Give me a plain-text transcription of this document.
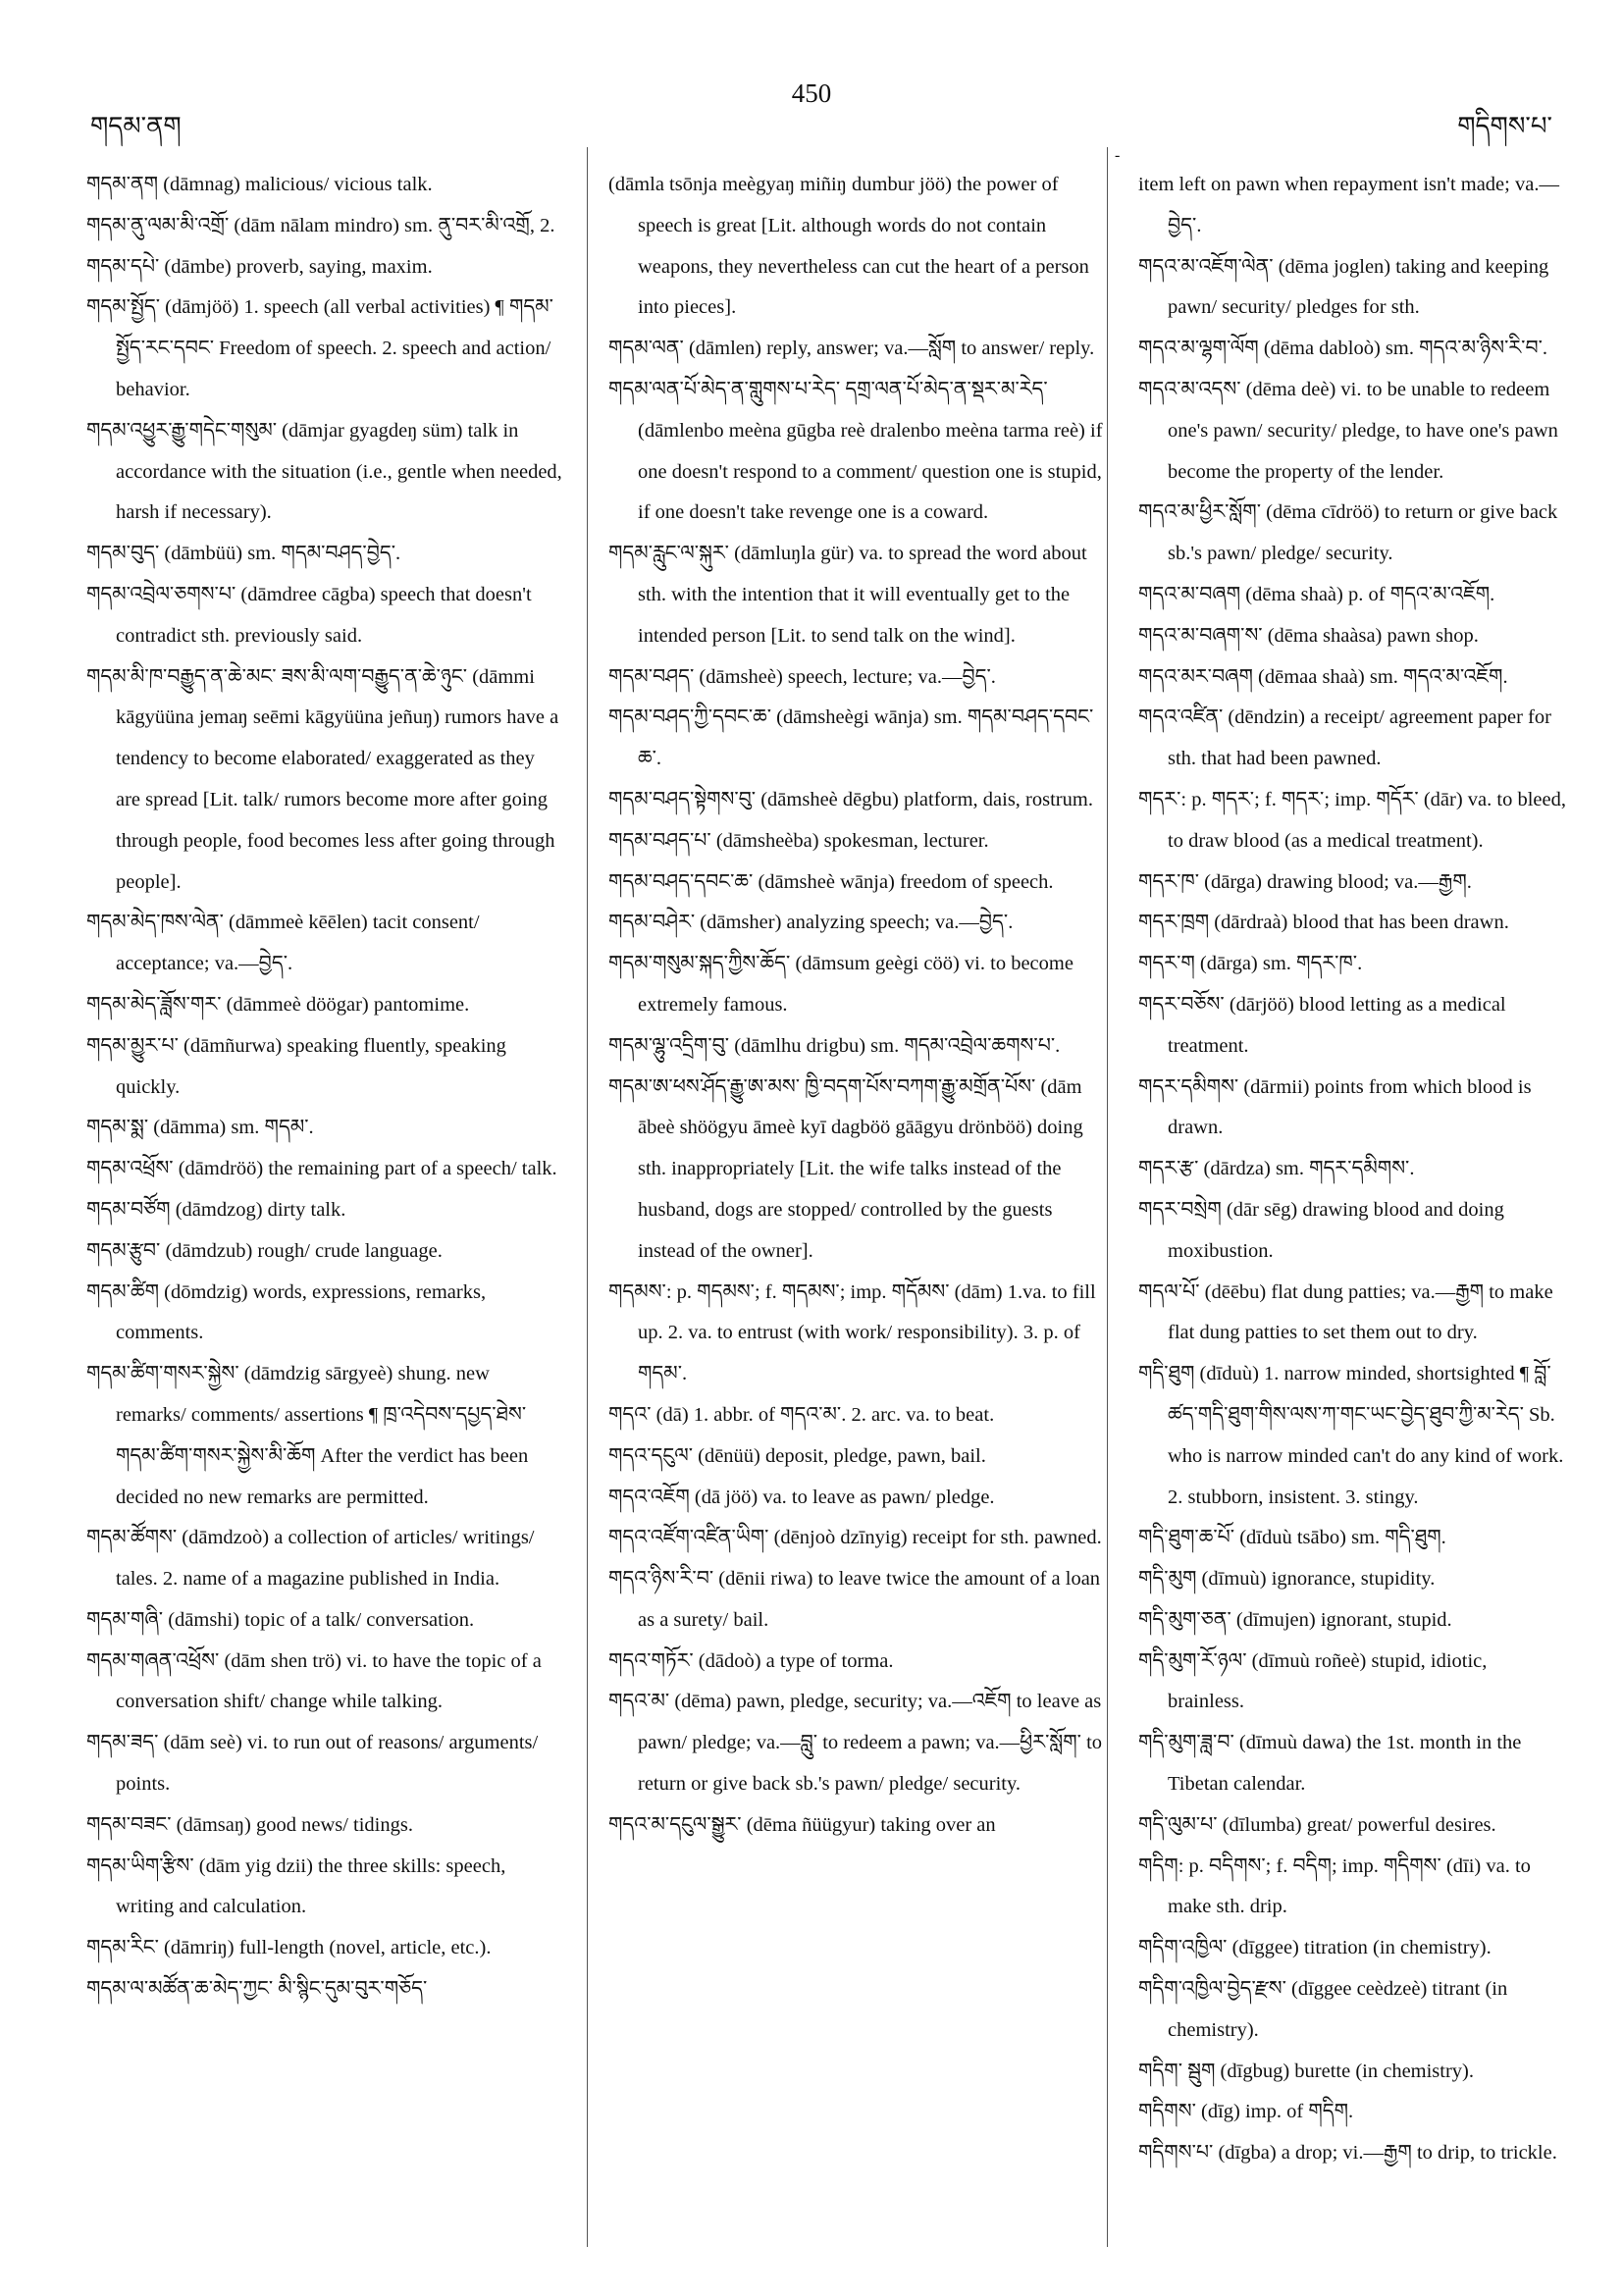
གདམ་ནག
450
གདིགས་པ་
-

གདམ་ནག (dāmnag) malicious/ vicious talk.

གདམ་ནུ་ལམ་མི་འགྲོ་ (dām nālam mindro) sm. ནུ་བར་མི་འགྲོ, 2.

གདམ་དཔེ་ (dāmbe) proverb, saying, maxim.

གདམ་སྤྱོད་ (dāmjöö) 1. speech (all verbal activities) ¶ གདམ་སྤྱོད་རང་དབང་ Freedom of speech. 2. speech and action/ behavior.

གདམ་འཕྱུར་རྒྱུ་གདེང་གསུམ་ (dāmjar gyagdeŋ süm) talk in accordance with the situation (i.e., gentle when needed, harsh if necessary).

གདམ་བུད་ (dāmbüü) sm. གདམ་བཤད་བྱེད་.

གདམ་འབྲེལ་ཅགས་པ་ (dāmdree cāgba) speech that doesn't contradict sth. previously said.

གདམ་མི་ཁ་བརྒྱུད་ན་ཆེ་མང་ ཟས་མི་ལག་བརྒྱུད་ན་ཆེ་ཉུང་ (dāmmi kāgyüüna jemaŋ seēmi kāgyüüna jeñuŋ) rumors have a tendency to become elaborated/ exaggerated as they are spread [Lit. talk/ rumors become more after going through people, food becomes less after going through people].

གདམ་མེད་ཁས་ལེན་ (dāmmeè kēēlen) tacit consent/ acceptance; va.—བྱེད་.

གདམ་མེད་ཟློས་གར་ (dāmmeè döögar) pantomime.

གདམ་མྱུར་པ་ (dāmñurwa) speaking fluently, speaking quickly.

གདམ་སྨ་ (dāmma) sm. གདམ་.

གདམ་འཕྲོས་ (dāmdröö) the remaining part of a speech/ talk.

གདམ་བཙོག (dāmdzog) dirty talk.

གདམ་རྩུབ་ (dāmdzub) rough/ crude language.

གདམ་ཚིག (dōmdzig) words, expressions, remarks, comments.

གདམ་ཚིག་གསར་སྐྱེས་ (dāmdzig sārgyeè) shung. new remarks/ comments/ assertions ¶ ཁྲ་འདེབས་དཔྱད་ཐེས་གདམ་ཚིག་གསར་སྐྱེས་མི་ཆོག After the verdict has been decided no new remarks are permitted.

གདམ་ཚོགས་ (dāmdzoò) a collection of articles/ writings/ tales. 2. name of a magazine published in India.

གདམ་གཞི་ (dāmshi) topic of a talk/ conversation.

གདམ་གཞན་འཕྲོས་ (dām shen trö) vi. to have the topic of a conversation shift/ change while talking.

གདམ་ཟད་ (dām seè) vi. to run out of reasons/ arguments/ points.

གདམ་བཟང་ (dāmsaŋ) good news/ tidings.

གདམ་ཡིག་རྩིས་ (dām yig dzii) the three skills: speech, writing and calculation.

གདམ་རིང་ (dāmriŋ) full-length (novel, article, etc.).

གདམ་ལ་མཚོན་ཆ་མེད་ཀྱང་ མི་སྙིང་དུམ་བུར་གཅོད་

(dāmla tsōnja meègyaŋ miñiŋ dumbur jöö) the power of speech is great [Lit. although words do not contain weapons, they nevertheless can cut the heart of a person into pieces].

གདམ་ལན་ (dāmlen) reply, answer; va.—སློག to answer/ reply.

གདམ་ལན་པོ་མེད་ན་གླུགས་པ་རེད་ དགྲ་ལན་པོ་མེད་ན་སྡར་མ་རེད་ (dāmlenbo meèna gūgba reè dralenbo meèna tarma reè) if one doesn't respond to a comment/ question one is stupid, if one doesn't take revenge one is a coward.

གདམ་རླུང་ལ་སྐུར་ (dāmluŋla gür) va. to spread the word about sth. with the intention that it will eventually get to the intended person [Lit. to send talk on the wind].

གདམ་བཤད་ (dāmsheè) speech, lecture; va.—བྱེད་.

གདམ་བཤད་ཀྱི་དབང་ཆ་ (dāmsheègi wānja) sm. གདམ་བཤད་དབང་ཆ་.

གདམ་བཤད་སྟེགས་བུ་ (dāmsheè dēgbu) platform, dais, rostrum.

གདམ་བཤད་པ་ (dāmsheèba) spokesman, lecturer.

གདམ་བཤད་དབང་ཆ་ (dāmsheè wānja) freedom of speech.

གདམ་བཤེར་ (dāmsher) analyzing speech; va.—བྱེད་.

གདམ་གསུམ་སྐད་ཀྱིས་ཆོད་ (dāmsum geègi cöö) vi. to become extremely famous.

གདམ་ལྷུ་འདྲིག་བུ་ (dāmlhu drigbu) sm. གདམ་འབྲེལ་ཆགས་པ་.

གདམ་ཨ་ཕས་ཤོད་རྒྱུ་ཨ་མས་ ཁྱི་བདག་པོས་བཀག་རྒྱུ་མགྲོན་པོས་ (dām ābeè shöögyu āmeè kyī dagböö gāāgyu drönböö) doing sth. inappropriately [Lit. the wife talks instead of the husband, dogs are stopped/ controlled by the guests instead of the owner].

གདམས་: p. གདམས་; f. གདམས་; imp. གདོམས་ (dām) 1.va. to fill up. 2. va. to entrust (with work/ responsibility). 3. p. of གདམ་.

གདའ་ (dā) 1. abbr. of གདའ་མ་. 2. arc. va. to beat.

གདའ་དངུལ་ (dēnüü) deposit, pledge, pawn, bail.

གདའ་འཇོག (dā jöö) va. to leave as pawn/ pledge.

གདའ་འཛོག་འཛིན་ཡིག་ (dēnjoò dzīnyig) receipt for sth. pawned.

གདའ་ཉིས་རི་བ་ (dēnii riwa) to leave twice the amount of a loan as a surety/ bail.

གདའ་གཏོར་ (dādoò) a type of torma.

གདའ་མ་ (dēma) pawn, pledge, security; va.—འཇོག to leave as pawn/ pledge; va.—བླུ་ to redeem a pawn; va.—ཕྱིར་སློག་ to return or give back sb.'s pawn/ pledge/ security.

གདའ་མ་དངུལ་སྒྱུར་ (dēma ñüügyur) taking over an

item left on pawn when repayment isn't made; va.—བྱེད་.

གདའ་མ་འཇོག་ལེན་ (dēma joglen) taking and keeping pawn/ security/ pledges for sth.

གདའ་མ་ལྷག་ལོག (dēma dabloò) sm. གདའ་མ་ཉིས་རི་བ་.

གདའ་མ་འདས་ (dēma deè) vi. to be unable to redeem one's pawn/ security/ pledge, to have one's pawn become the property of the lender.

གདའ་མ་ཕྱིར་སློག་ (dēma cīdröö) to return or give back sb.'s pawn/ pledge/ security.

གདའ་མ་བཞག (dēma shaà) p. of གདའ་མ་འཇོག.

གདའ་མ་བཞག་ས་ (dēma shaàsa) pawn shop.

གདའ་མར་བཞག (dēmaa shaà) sm. གདའ་མ་འཇོག.

གདའ་འཛིན་ (dēndzin) a receipt/ agreement paper for sth. that had been pawned.

གདར་: p. གདར་; f. གདར་; imp. གདོར་ (dār) va. to bleed, to draw blood (as a medical treatment).

གདར་ཁ་ (dārga) drawing blood; va.—རྒྱག.

གདར་ཁྲག (dārdraà) blood that has been drawn.

གདར་ག (dārga) sm. གདར་ཁ་.

གདར་བཅོས་ (dārjöö) blood letting as a medical treatment.

གདར་དམིགས་ (dārmii) points from which blood is drawn.

གདར་རྩ་ (dārdza) sm. གདར་དམིགས་.

གདར་བསྲེག (dār sēg) drawing blood and doing moxibustion.

གདལ་པོ་ (dēēbu) flat dung patties; va.—རྒྱག to make flat dung patties to set them out to dry.

གདི་ཐུག (dīduù) 1. narrow minded, shortsighted ¶ བློ་ཚད་གདི་ཐུག་གིས་ལས་ཀ་གང་ཡང་བྱེད་ཐུབ་ཀྱི་མ་རེད་ Sb. who is narrow minded can't do any kind of work. 2. stubborn, insistent. 3. stingy.

གདི་ཐུག་ཆ་པོ་ (dīduù tsābo) sm. གདི་ཐུག.

གདི་མུག (dīmuù) ignorance, stupidity.

གདི་མུག་ཅན་ (dīmujen) ignorant, stupid.

གདི་མུག་རོ་ཉལ་ (dīmuù roñeè) stupid, idiotic, brainless.

གདི་མུག་ཟླ་བ་ (dīmuù dawa) the 1st. month in the Tibetan calendar.

གདི་ལུམ་པ་ (dīlumba) great/ powerful desires.

གདིག: p. བདིགས་; f. བདིག; imp. གདིགས་ (dīi) va. to make sth. drip.

གདིག་འཁྱིལ་ (dīggee) titration (in chemistry).

གདིག་འཁྱིལ་བྱེད་རྫས་ (dīggee ceèdzeè) titrant (in chemistry).

གདིག་ སྦུག (dīgbug) burette (in chemistry).

གདིགས་ (dīg) imp. of གདིག.

གདིགས་པ་ (dīgba) a drop; vi.—རྒྱག to drip, to trickle.
